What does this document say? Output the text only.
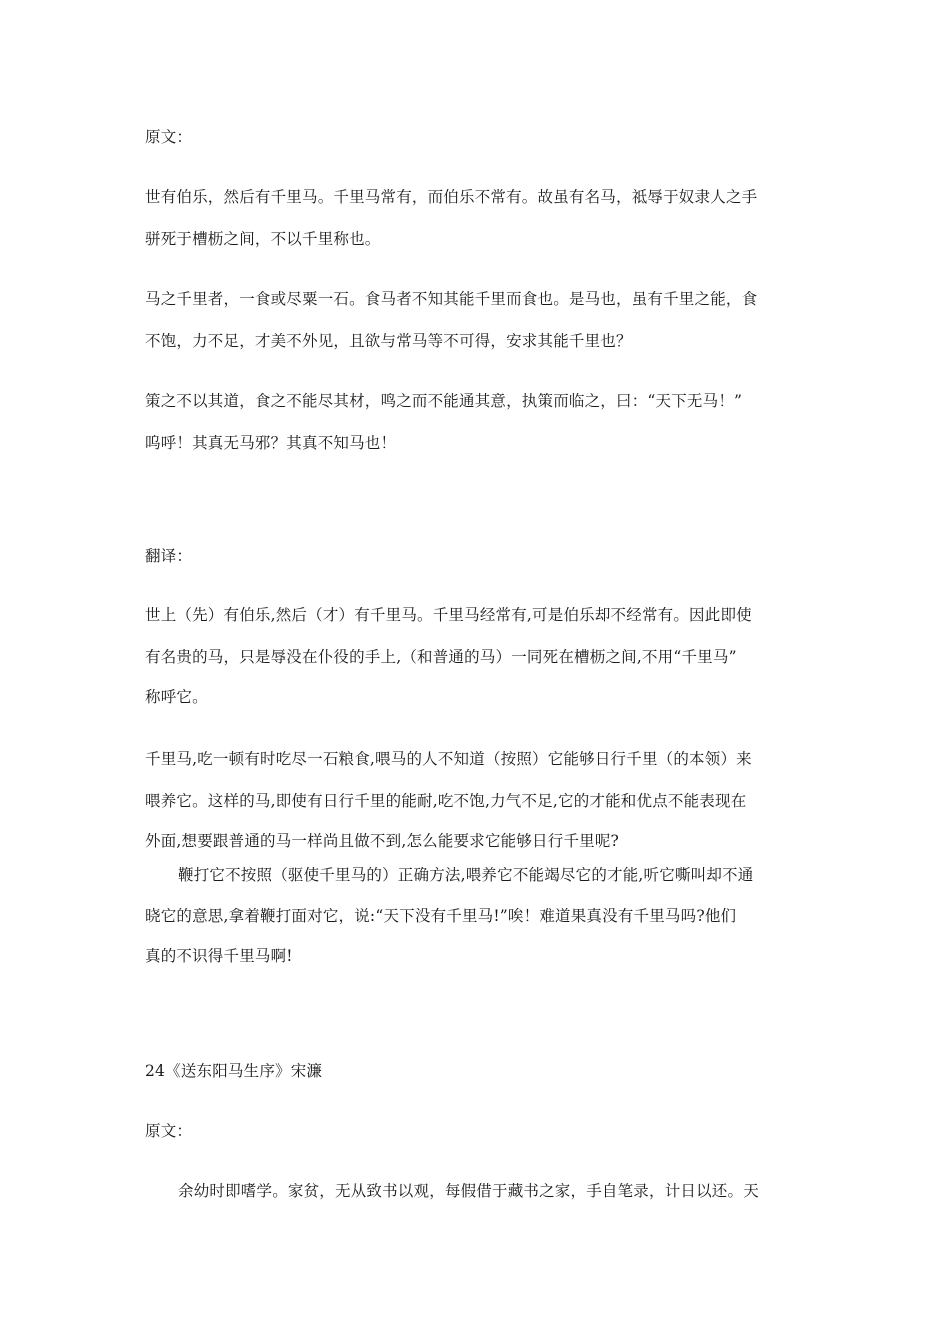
原文：
世有伯乐，然后有千里马。千里马常有，而伯乐不常有。故虽有名马，祗辱于奴隶人之手
骈死于槽枥之间，不以千里称也。
马之千里者，一食或尽粟一石。食马者不知其能千里而食也。是马也，虽有千里之能，食
不饱，力不足，才美不外见，且欲与常马等不可得，安求其能千里也？
策之不以其道，食之不能尽其材，鸣之而不能通其意，执策而临之，曰：“天下无马！”
呜呼！其真无马邪？其真不知马也！
翻译：
世上（先）有伯乐,然后（才）有千里马。千里马经常有,可是伯乐却不经常有。因此即使
有名贵的马，只是辱没在仆役的手上,（和普通的马）一同死在槽枥之间,不用“千里马”
称呼它。
千里马,吃一顿有时吃尽一石粮食,喂马的人不知道（按照）它能够日行千里（的本领）来
喂养它。这样的马,即使有日行千里的能耐,吃不饱,力气不足,它的才能和优点不能表现在
外面,想要跟普通的马一样尚且做不到,怎么能要求它能够日行千里呢?
鞭打它不按照（驱使千里马的）正确方法,喂养它不能竭尽它的才能,听它嘶叫却不通
晓它的意思,拿着鞭打面对它，说:“天下没有千里马!”唉！难道果真没有千里马吗?他们
真的不识得千里马啊!
24《送东阳马生序》宋濂
原文：
余幼时即嗜学。家贫，无从致书以观，每假借于藏书之家，手自笔录，计日以还。天
